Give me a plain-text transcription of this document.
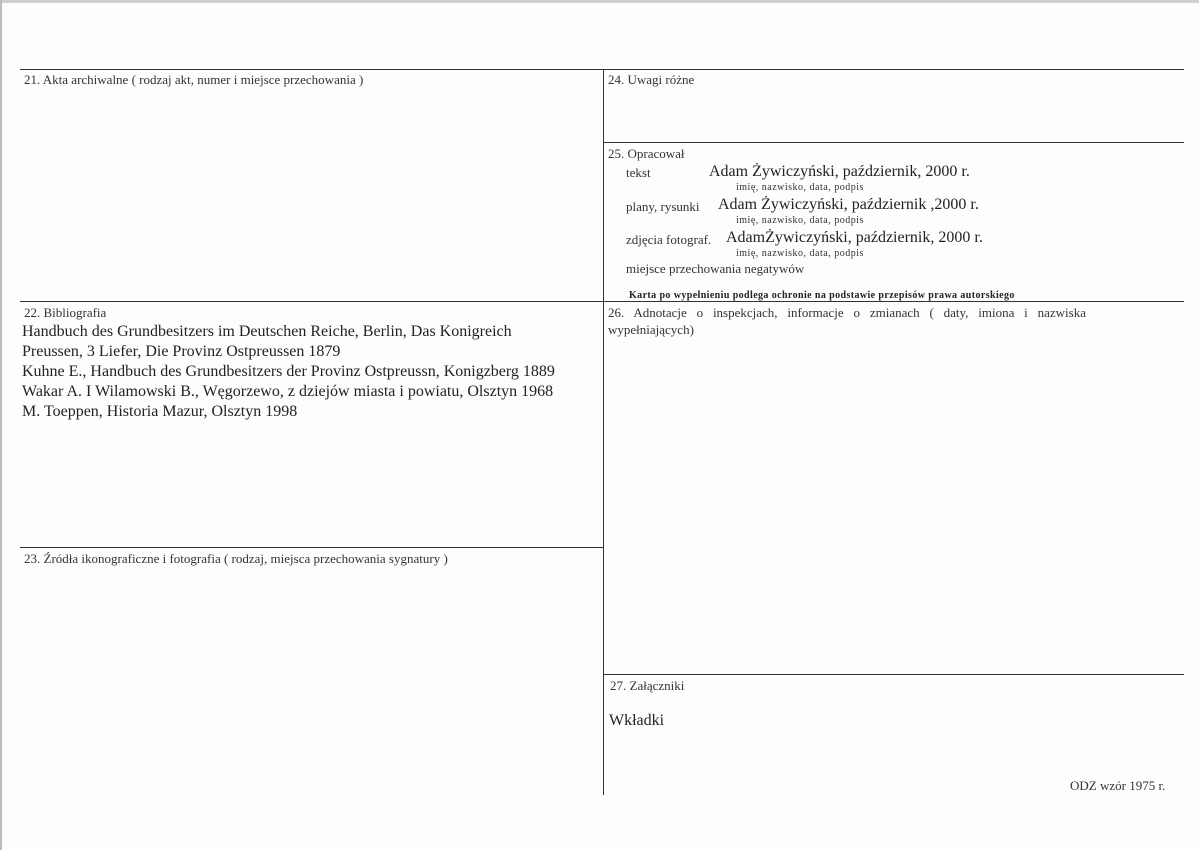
21. Akta archiwalne ( rodzaj akt, numer i miejsce przechowania )	24. Uwagi różne
25. Opracował
tekst	Adam Żywiczyński, październik, 2000 r.
imię, nazwisko, data, podpis
plany, rysunki Adam Żywiczyński, październik ,2000 r.
imię, nazwisko, data, podpis
zdjęcia fotograf. AdamŻywiczyński, październik, 2000 r.
imię, nazwisko, data, podpis
miejsce przechowania negatywów
Karta po wypełnieniu podlega ochronie na podstawie przepisów prawa autorskiego
22. Bibliografia
Handbuch des Grundbesitzers im Deutschen Reiche, Berlin, Das Konigreich
Preussen, 3 Liefer, Die Provinz Ostpreussen 1879
Kuhne E., Handbuch des Grundbesitzers der Provinz Ostpreussn, Konigzberg 1889
Wakar A. I Wilamowski B., Węgorzewo, z dziejów miasta i powiatu, Olsztyn 1968
M. Toeppen, Historia Mazur, Olsztyn 1998
26. Adnotacje o inspekcjach, informacje o zmianach ( daty, imiona i nazwiska wypełniających)
23. Źródła ikonograficzne i fotografia ( rodzaj, miejsca przechowania sygnatury )
27. Załączniki
Wkładki
ODZ wzór 1975 r.
